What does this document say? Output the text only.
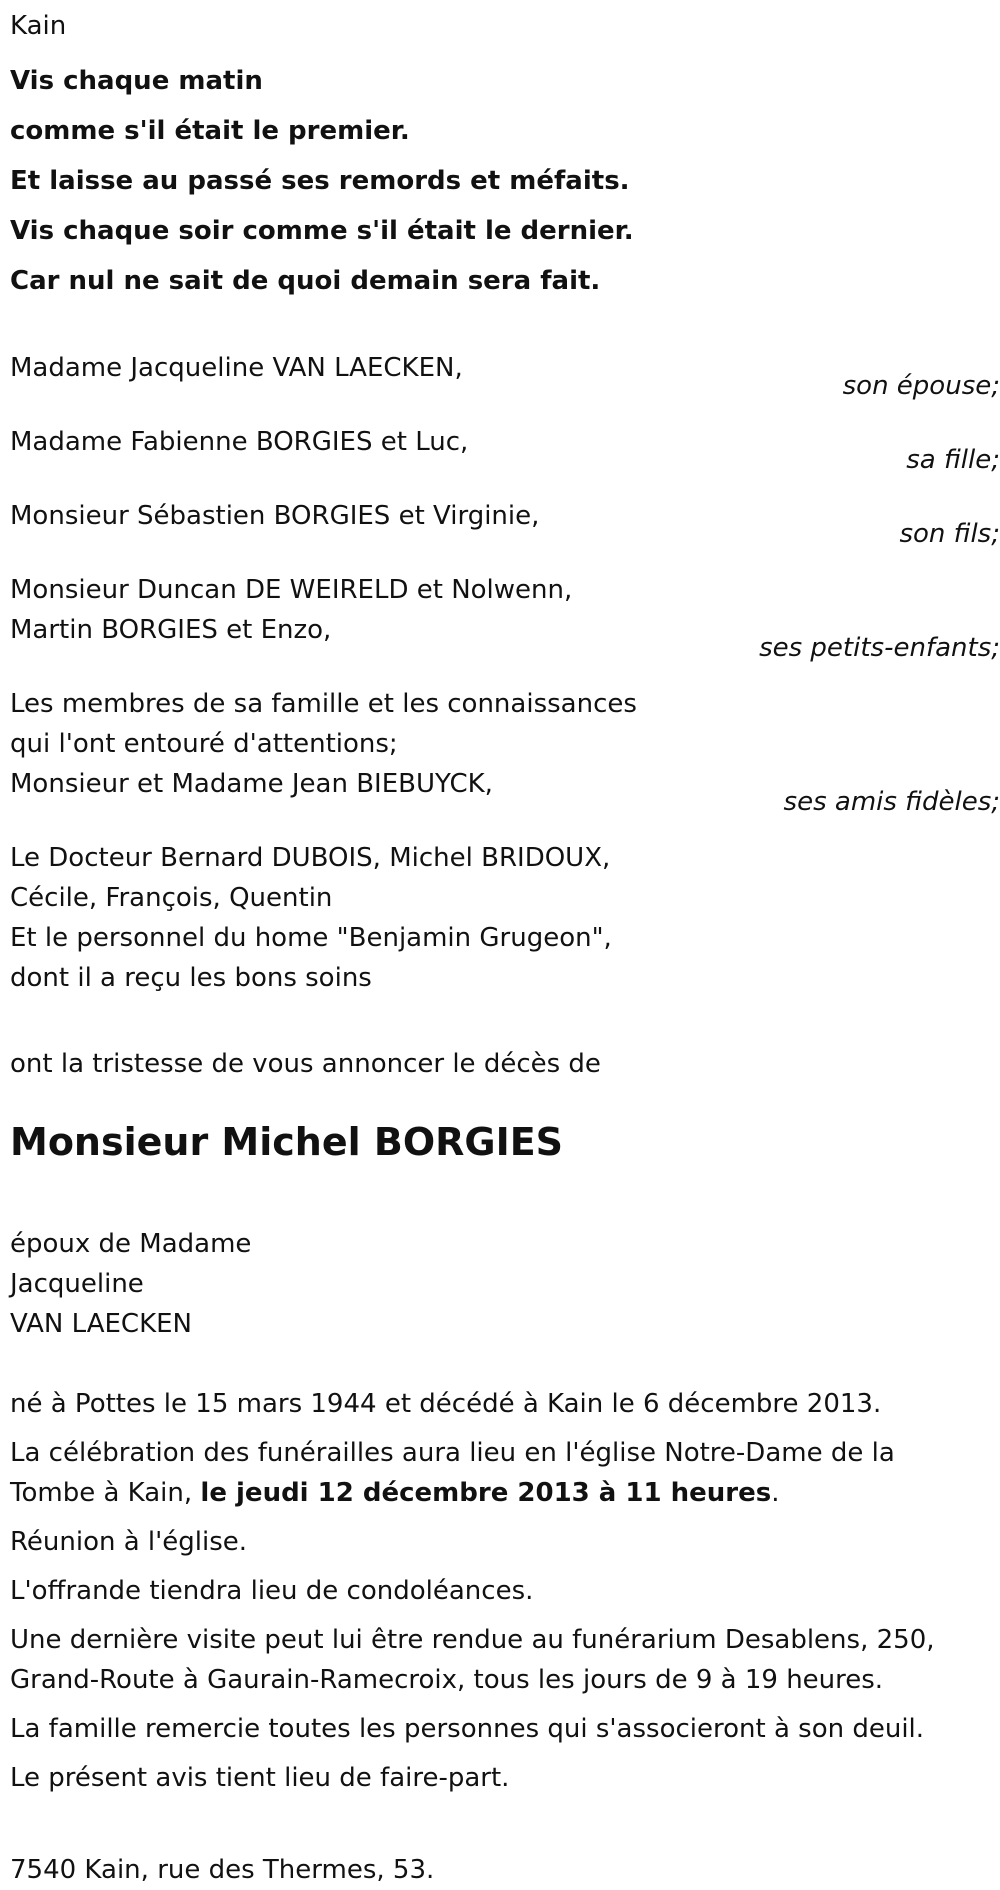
Kain
Vis chaque matin
comme s'il était le premier.
Et laisse au passé ses remords et méfaits.
Vis chaque soir comme s'il était le dernier.
Car nul ne sait de quoi demain sera fait.
Madame Jacqueline VAN LAECKEN,
son épouse;
Madame Fabienne BORGIES et Luc,
sa fille;
Monsieur Sébastien BORGIES et Virginie,
son fils;
Monsieur Duncan DE WEIRELD et Nolwenn,
Martin BORGIES et Enzo,
ses petits-enfants;
Les membres de sa famille et les connaissances
qui l'ont entouré d'attentions;
Monsieur et Madame Jean BIEBUYCK,
ses amis fidèles;
Le Docteur Bernard DUBOIS, Michel BRIDOUX,
Cécile, François, Quentin
Et le personnel du home "Benjamin Grugeon",
dont il a reçu les bons soins
ont la tristesse de vous annoncer le décès de
Monsieur Michel BORGIES
époux de Madame
Jacqueline
VAN LAECKEN
né à Pottes le 15 mars 1944 et décédé à Kain le 6 décembre 2013.
La célébration des funérailles aura lieu en l'église Notre-Dame de la
Tombe à Kain, le jeudi 12 décembre 2013 à 11 heures.
Réunion à l'église.
L'offrande tiendra lieu de condoléances.
Une dernière visite peut lui être rendue au funérarium Desablens, 250,
Grand-Route à Gaurain-Ramecroix, tous les jours de 9 à 19 heures.
La famille remercie toutes les personnes qui s'associeront à son deuil.
Le présent avis tient lieu de faire-part.
7540 Kain, rue des Thermes, 53.
